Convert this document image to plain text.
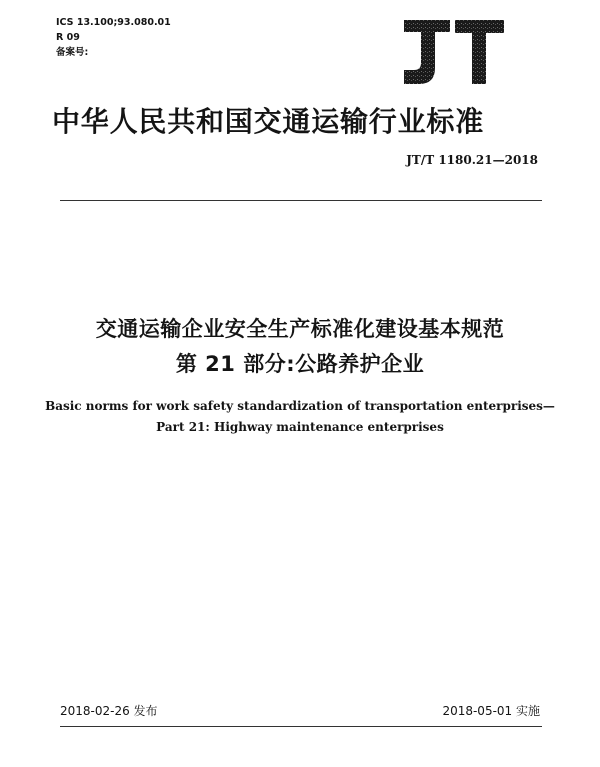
ICS 13.100;93.080.01
R 09
备案号:
中华人民共和国交通运输行业标准
JT/T 1180.21—2018
交通运输企业安全生产标准化建设基本规范
第 21 部分:公路养护企业
Basic norms for work safety standardization of transportation enterprises—
Part 21: Highway maintenance enterprises
2018-02-26 发布	2018-05-01 实施
